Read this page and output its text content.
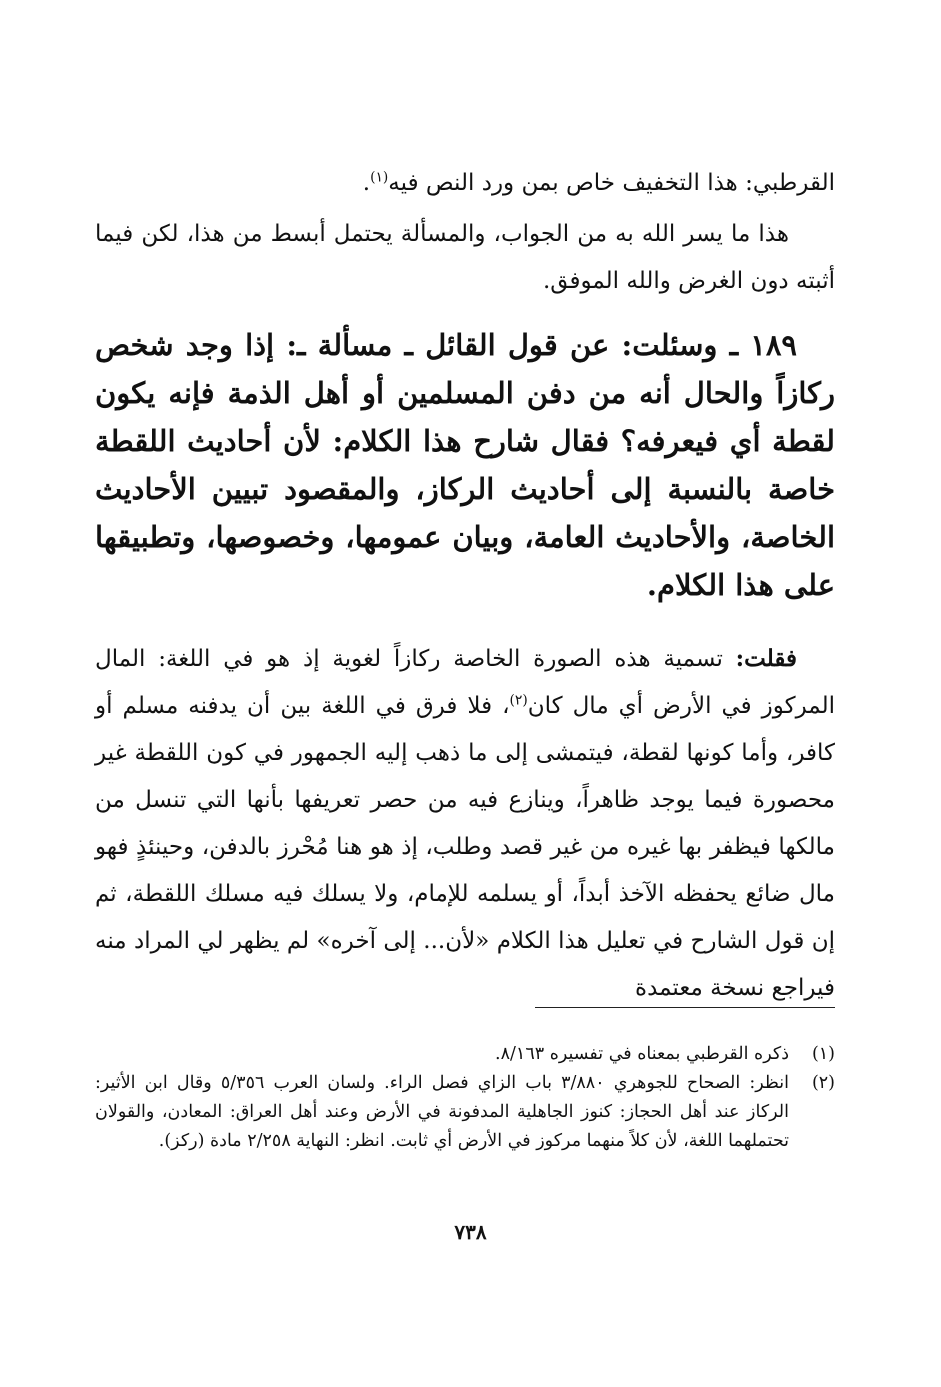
القرطبي: هذا التخفيف خاص بمن ورد النص فيه$^{(١)}$.

هذا ما يسر الله به من الجواب، والمسألة يحتمل أبسط من هذا، لكن فيما أثبته دون الغرض والله الموفق.

١٨٩ ـ وسئلت: عن قول القائل ـ مسألة ـ: إذا وجد شخص ركازاً والحال أنه من دفن المسلمين أو أهل الذمة فإنه يكون لقطة أي فيعرفه؟ فقال شارح هذا الكلام: لأن أحاديث اللقطة خاصة بالنسبة إلى أحاديث الركاز، والمقصود تبيين الأحاديث الخاصة، والأحاديث العامة، وبيان عمومها، وخصوصها، وتطبيقها على هذا الكلام.

فقلت: تسمية هذه الصورة الخاصة ركازاً لغوية إذ هو في اللغة: المال المركوز في الأرض أي مال كان$^{(٢)}$، فلا فرق في اللغة بين أن يدفنه مسلم أو كافر، وأما كونها لقطة، فيتمشى إلى ما ذهب إليه الجمهور في كون اللقطة غير محصورة فيما يوجد ظاهراً، وينازع فيه من حصر تعريفها بأنها التي تنسل من مالكها فيظفر بها غيره من غير قصد وطلب، إذ هو هنا مُحْرز بالدفن، وحينئذٍ فهو مال ضائع يحفظه الآخذ أبداً، أو يسلمه للإمام، ولا يسلك فيه مسلك اللقطة، ثم إن قول الشارح في تعليل هذا الكلام «لأن... إلى آخره» لم يظهر لي المراد منه فيراجع نسخة معتمدة

(١)
ذكره القرطبي بمعناه في تفسيره ٨/١٦٣.
(٢)
انظر: الصحاح للجوهري ٣/٨٨٠ باب الزاي فصل الراء. ولسان العرب ٥/٣٥٦ وقال ابن الأثير: الركاز عند أهل الحجاز: كنوز الجاهلية المدفونة في الأرض وعند أهل العراق: المعادن، والقولان تحتملهما اللغة، لأن كلاً منهما مركوز في الأرض أي ثابت. انظر: النهاية ٢/٢٥٨ مادة (ركز).
٧٣٨
